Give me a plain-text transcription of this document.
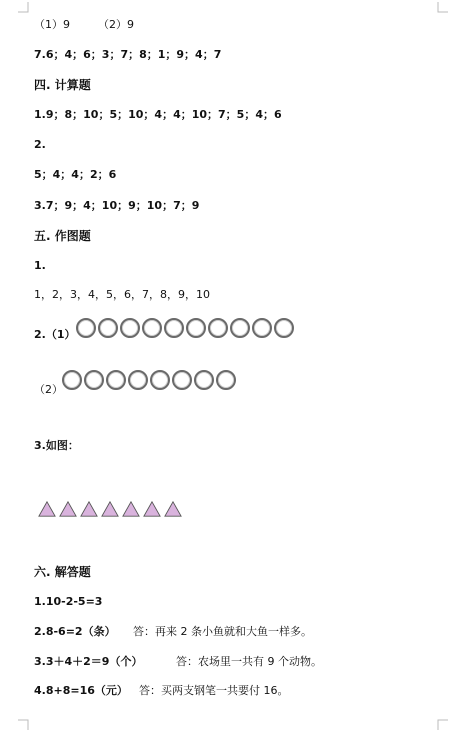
（1）9        （2）9
7.6；4；6；3；7；8；1；9；4；7
四. 计算题
1.9；8；10；5；10；4；4；10；7；5；4；6
2.
5；4；4；2；6
3.7；9；4；10；9；10；7；9
五. 作图题
1.
1，2，3，4，5，6，7，8，9，10
2.（1）
（2）
3.如图：
六. 解答题
1.10-2-5=3
2.8-6=2（条） 答：再来 2 条小鱼就和大鱼一样多。
3.3＋4＋2＝9（个）	答：农场里一共有 9 个动物。
4.8+8=16（元） 答：买两支钢笔一共要付 16。
